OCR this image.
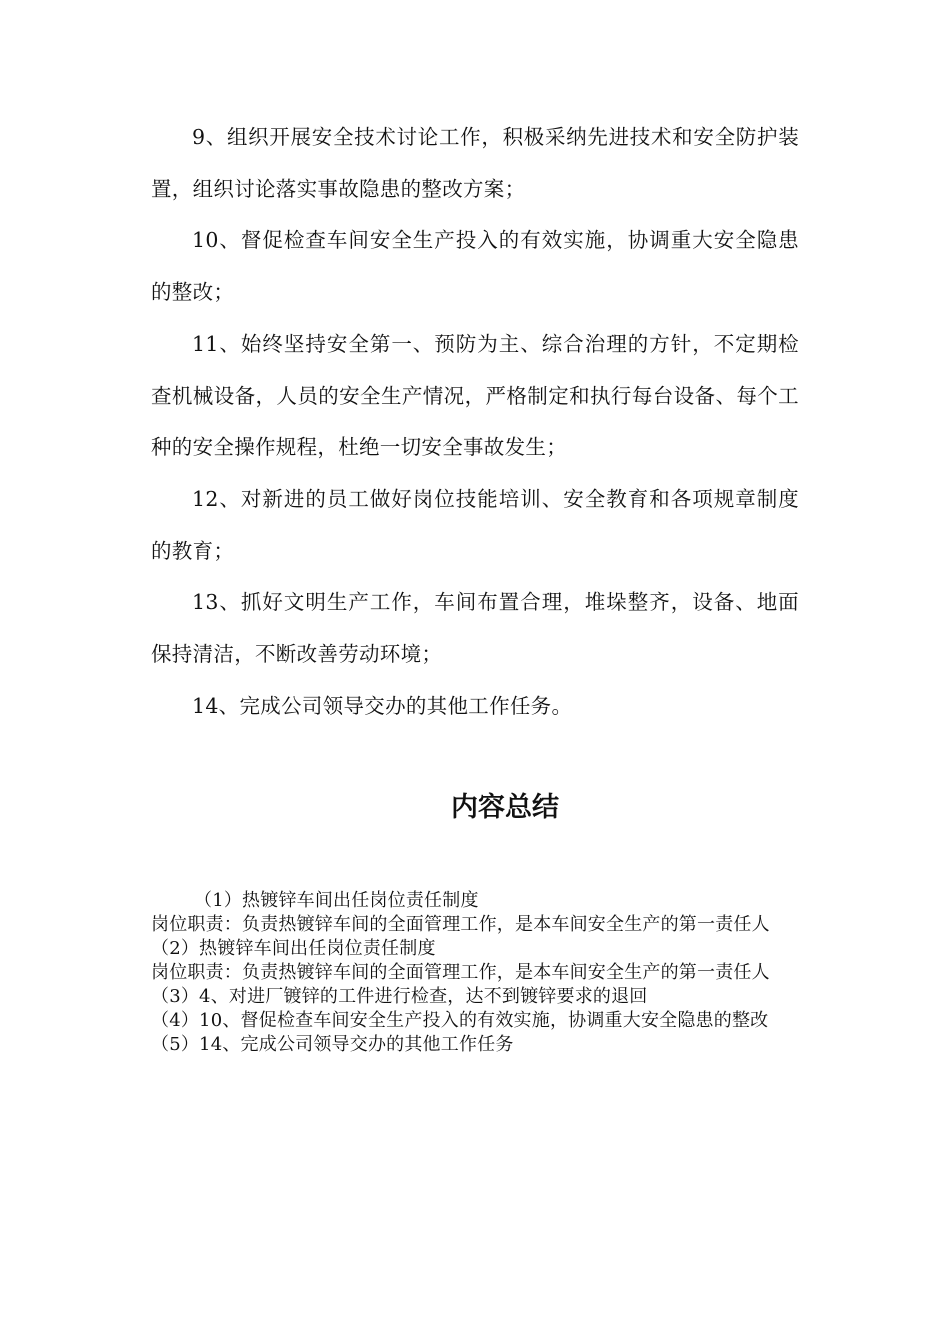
9、组织开展安全技术讨论工作，积极采纳先进技术和安全防护装置，组织讨论落实事故隐患的整改方案；

10、督促检查车间安全生产投入的有效实施，协调重大安全隐患的整改；

11、始终坚持安全第一、预防为主、综合治理的方针，不定期检查机械设备，人员的安全生产情况，严格制定和执行每台设备、每个工种的安全操作规程，杜绝一切安全事故发生；

12、对新进的员工做好岗位技能培训、安全教育和各项规章制度的教育；

13、抓好文明生产工作，车间布置合理，堆垛整齐，设备、地面保持清洁，不断改善劳动环境；

14、完成公司领导交办的其他工作任务。

内容总结

（1）热镀锌车间出任岗位责任制度

岗位职责：负责热镀锌车间的全面管理工作，是本车间安全生产的第一责任人

（2）热镀锌车间出任岗位责任制度

岗位职责：负责热镀锌车间的全面管理工作，是本车间安全生产的第一责任人

（3）4、对进厂镀锌的工件进行检查，达不到镀锌要求的退回

（4）10、督促检查车间安全生产投入的有效实施，协调重大安全隐患的整改

（5）14、完成公司领导交办的其他工作任务
